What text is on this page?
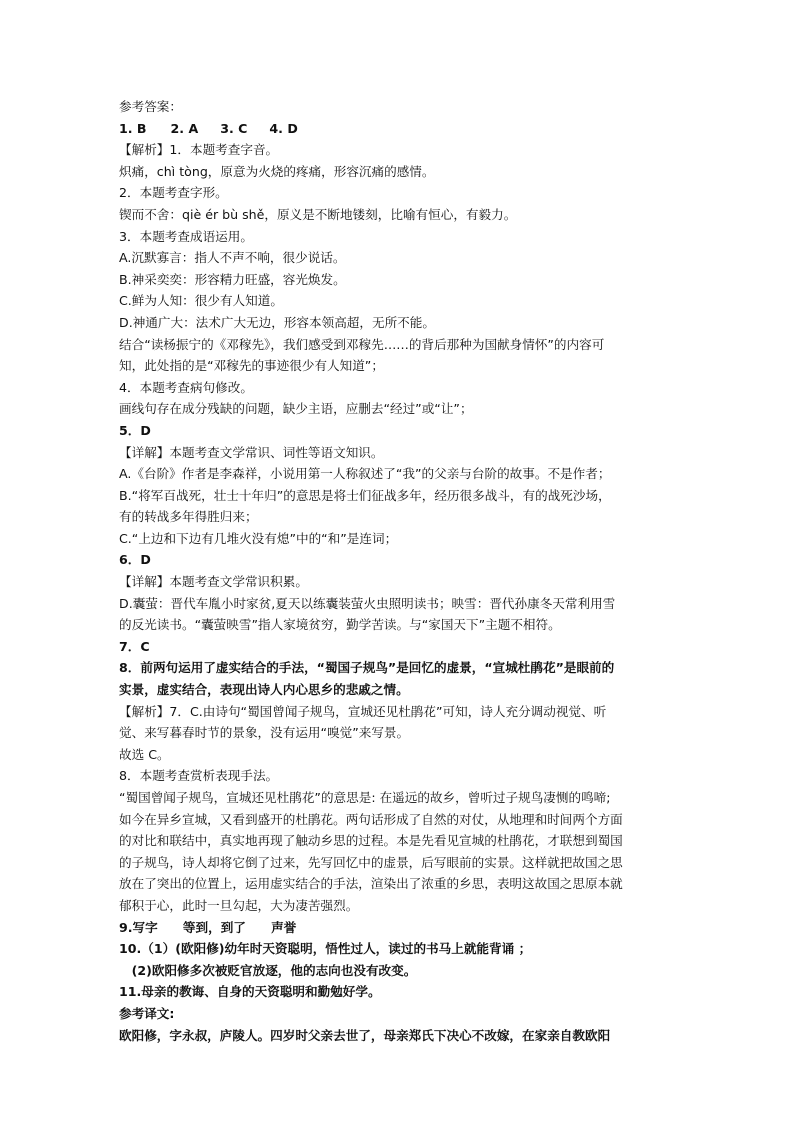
参考答案：
1. B 2. A 3. C 4. D
【解析】1．本题考查字音。
炽痛，chì tòng，原意为火烧的疼痛，形容沉痛的感情。
2．本题考查字形。
锲而不舍：qiè ér bù shě，原义是不断地镂刻，比喻有恒心，有毅力。
3．本题考查成语运用。
A.沉默寡言：指人不声不响，很少说话。
B.神采奕奕：形容精力旺盛，容光焕发。
C.鲜为人知：很少有人知道。
D.神通广大：法术广大无边，形容本领高超，无所不能。
结合“读杨振宁的《邓稼先》，我们感受到邓稼先……的背后那种为国献身情怀”的内容可
知，此处指的是“邓稼先的事迹很少有人知道”；
4．本题考查病句修改。
画线句存在成分残缺的问题，缺少主语，应删去“经过”或“让”；
5．D
【详解】本题考查文学常识、词性等语文知识。
A.《台阶》作者是李森祥，小说用第一人称叙述了“我”的父亲与台阶的故事。不是作者；
B.“将军百战死，壮士十年归”的意思是将士们征战多年，经历很多战斗，有的战死沙场，
有的转战多年得胜归来；
C.“上边和下边有几堆火没有熄”中的“和”是连词；
6．D
【详解】本题考查文学常识积累。
D.囊萤：晋代车胤小时家贫,夏天以练囊装萤火虫照明读书；映雪：晋代孙康冬天常利用雪
的反光读书。“囊萤映雪”指人家境贫穷，勤学苦读。与“家国天下”主题不相符。
7．C
8．前两句运用了虚实结合的手法，“蜀国子规鸟”是回忆的虚景，“宣城杜鹃花”是眼前的
实景，虚实结合，表现出诗人内心思乡的悲戚之情。
【解析】7．C.由诗句“蜀国曾闻子规鸟，宣城还见杜鹃花”可知，诗人充分调动视觉、听
觉、来写暮春时节的景象，没有运用“嗅觉”来写景。
故选 C。
8．本题考查赏析表现手法。
“蜀国曾闻子规鸟，宣城还见杜鹃花”的意思是: 在遥远的故乡，曾听过子规鸟凄恻的鸣啼;
如今在异乡宣城，又看到盛开的杜鹃花。两句话形成了自然的对仗，从地理和时间两个方面
的对比和联结中，真实地再现了触动乡思的过程。本是先看见宣城的杜鹃花，才联想到蜀国
的子规鸟，诗人却将它倒了过来，先写回忆中的虚景，后写眼前的实景。这样就把故国之思
放在了突出的位置上，运用虚实结合的手法，渲染出了浓重的乡思，表明这故国之思原本就
郁积于心，此时一旦勾起，大为凄苦强烈。
9.写字　　等到，到了　　声誉
10.（1）(欧阳修)幼年时天资聪明，悟性过人，读过的书马上就能背诵 ；
　(2)欧阳修多次被贬官放逐，他的志向也没有改变。
11.母亲的教诲、自身的天资聪明和勤勉好学。
参考译文:
欧阳修，字永叔，庐陵人。四岁时父亲去世了，母亲郑氏下决心不改嫁，在家亲自教欧阳
